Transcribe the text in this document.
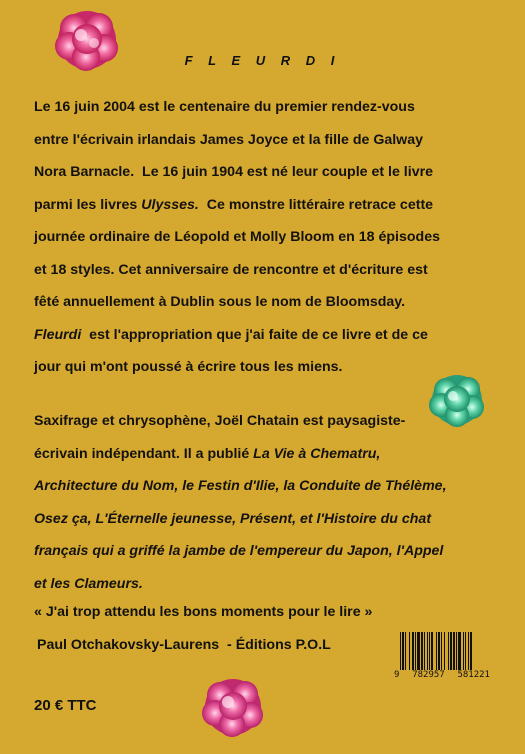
F L E U R D I
Le 16 juin 2004 est le centenaire du premier rendez-vous
entre l'écrivain irlandais James Joyce et la fille de Galway
Nora Barnacle.  Le 16 juin 1904 est né leur couple et le livre
parmi les livres Ulysses.  Ce monstre littéraire retrace cette
journée ordinaire de Léopold et Molly Bloom en 18 épisodes
et 18 styles. Cet anniversaire de rencontre et d'écriture est
fêté annuellement à Dublin sous le nom de Bloomsday.
Fleurdi  est l'appropriation que j'ai faite de ce livre et de ce
jour qui m'ont poussé à écrire tous les miens.
Saxifrage et chrysophène, Joël Chatain est paysagiste-
écrivain indépendant. Il a publié La Vie à Chematru,
Architecture du Nom, le Festin d'Ilie, la Conduite de Thélème,
Osez ça, L'Éternelle jeunesse, Présent, et l'Histoire du chat
français qui a griffé la jambe de l'empereur du Japon, l'Appel
et les Clameurs.
« J'ai trop attendu les bons moments pour le lire »
Paul Otchakovsky-Laurens  - Éditions P.O.L
9 782957 581221
20 € TTC
